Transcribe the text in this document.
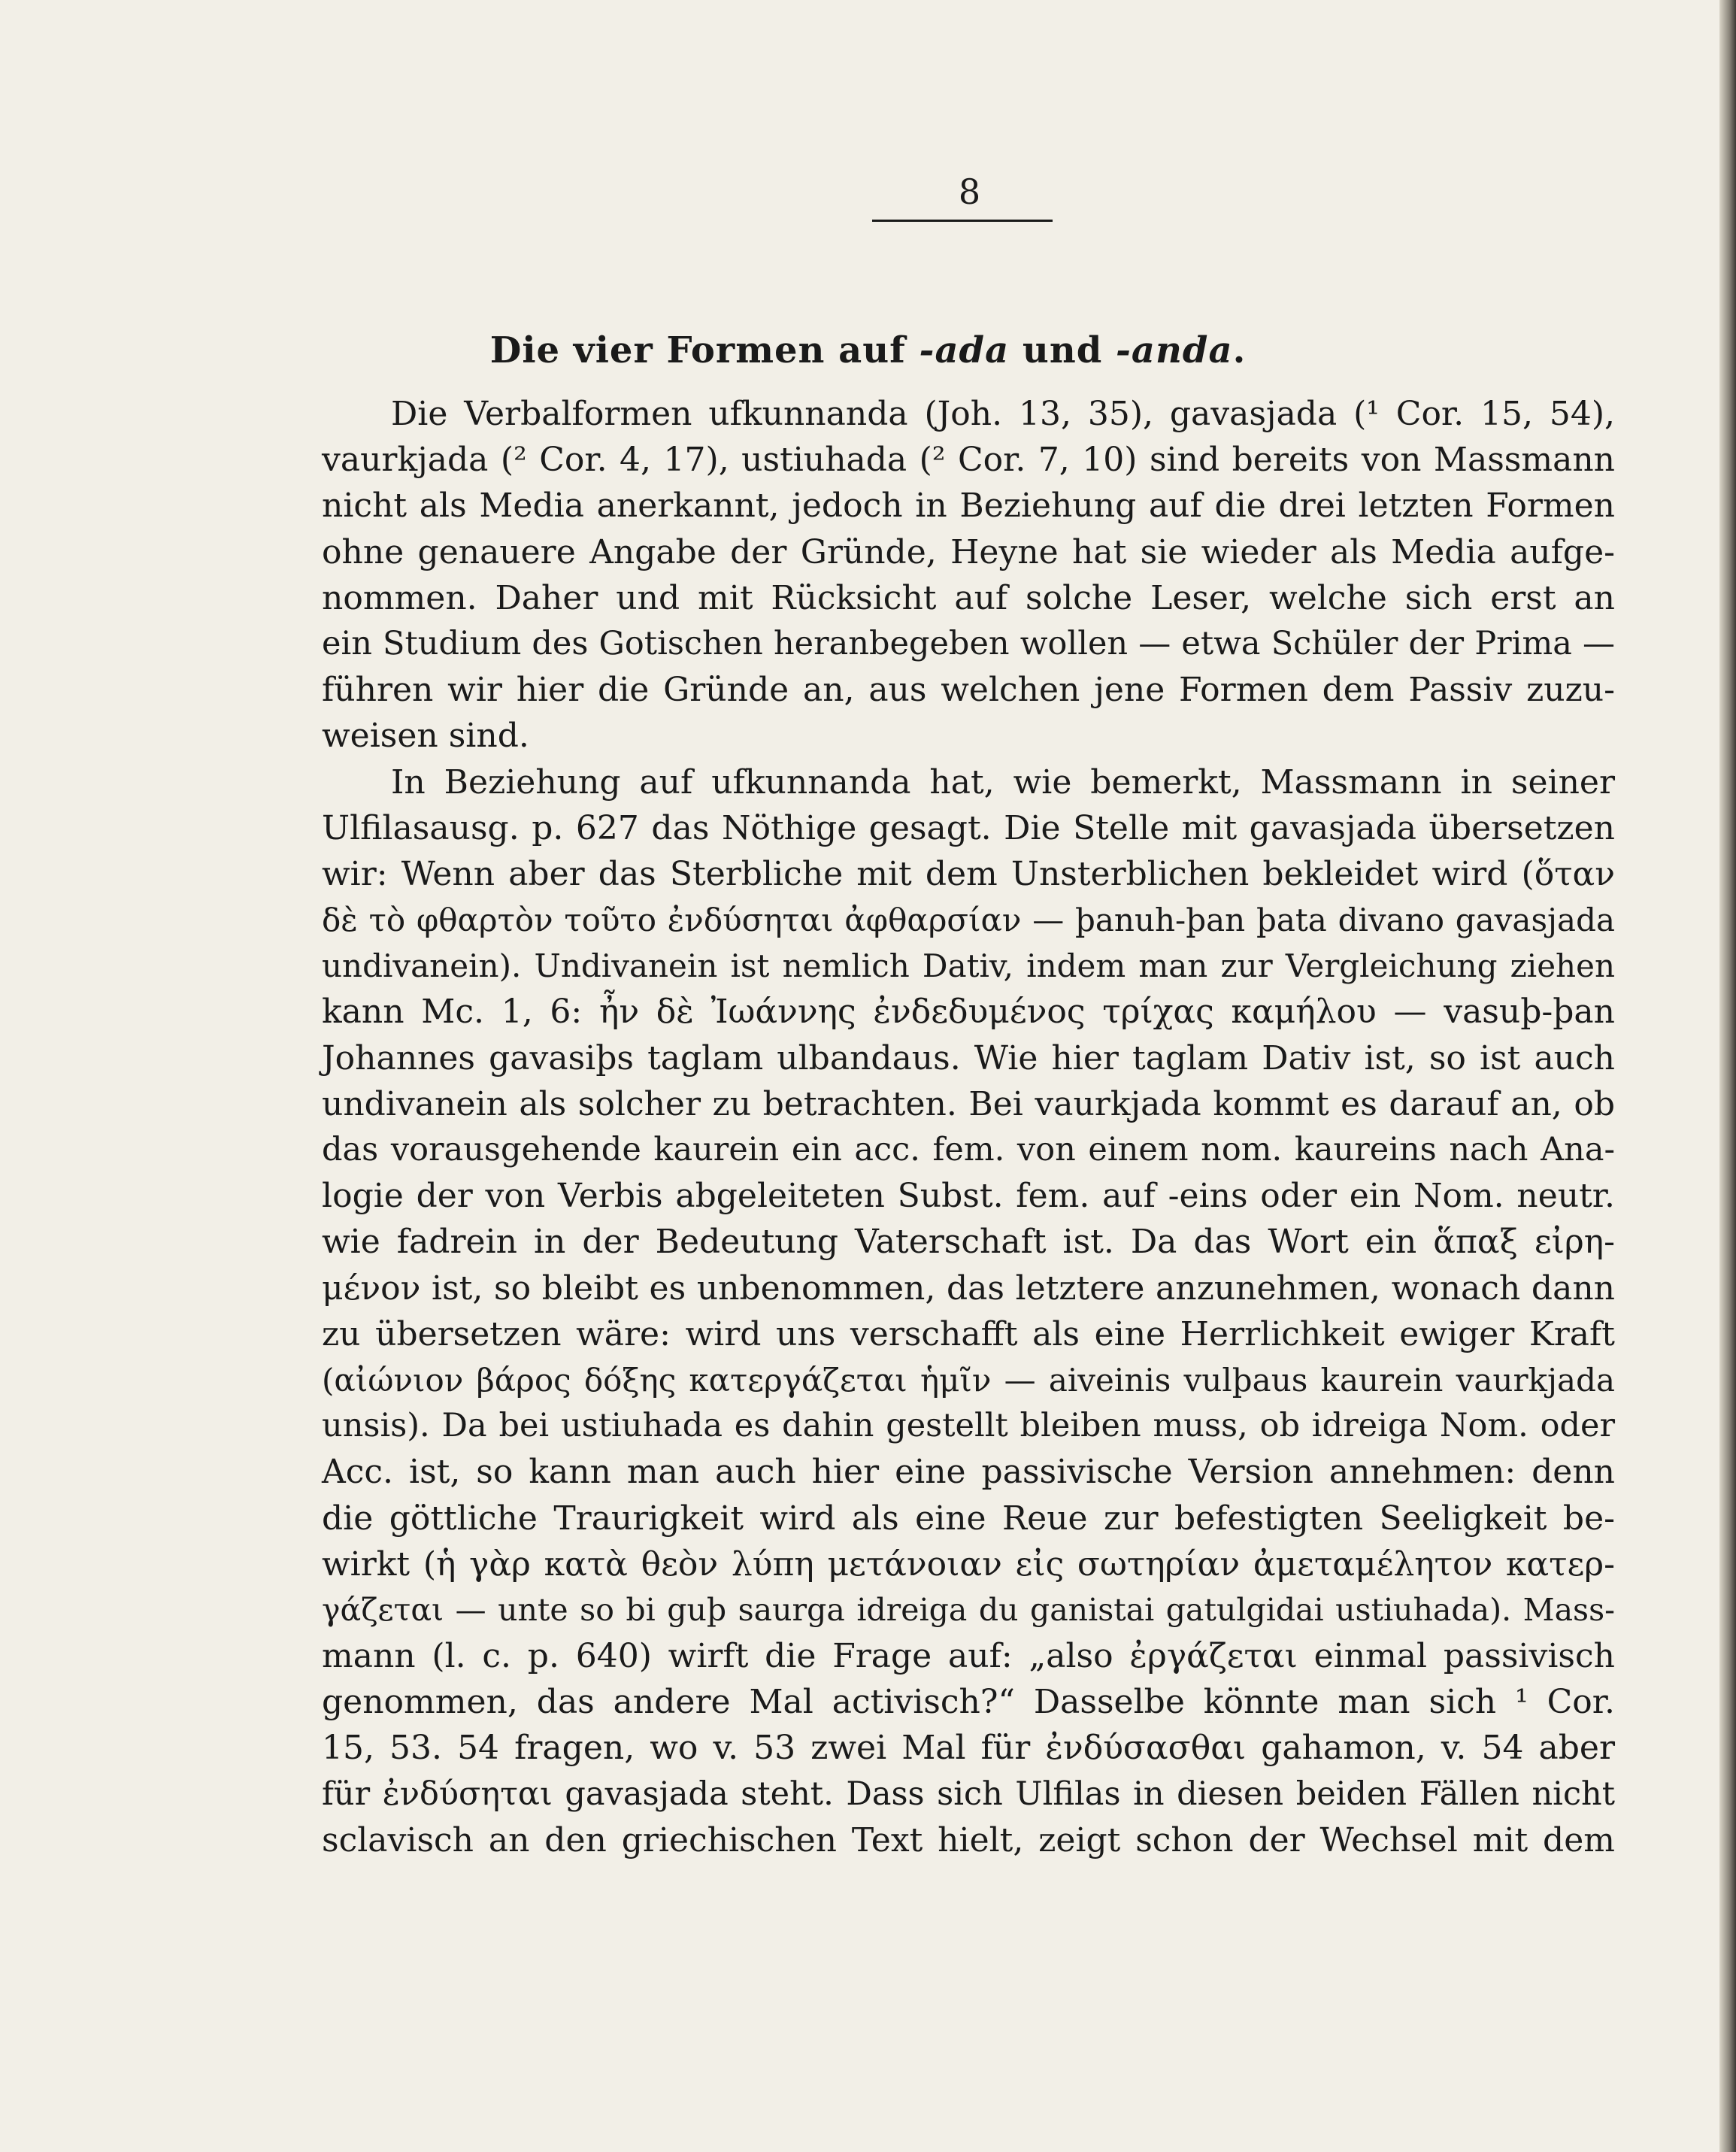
8
Die vier Formen auf -ada und -anda.
Die Verbalformen ufkunnanda (Joh. 13, 35), gavasjada (¹ Cor. 15, 54),
vaurkjada (² Cor. 4, 17), ustiuhada (² Cor. 7, 10) sind bereits von Massmann
nicht als Media anerkannt, jedoch in Beziehung auf die drei letzten Formen
ohne genauere Angabe der Gründe, Heyne hat sie wieder als Media aufge-
nommen. Daher und mit Rücksicht auf solche Leser, welche sich erst an
ein Studium des Gotischen heranbegeben wollen — etwa Schüler der Prima —
führen wir hier die Gründe an, aus welchen jene Formen dem Passiv zuzu-
weisen sind.
In Beziehung auf ufkunnanda hat, wie bemerkt, Massmann in seiner
Ulfilasausg. p. 627 das Nöthige gesagt. Die Stelle mit gavasjada übersetzen
wir: Wenn aber das Sterbliche mit dem Unsterblichen bekleidet wird (ὅταν
δὲ τὸ φθαρτὸν τοῦτο ἐνδύσηται ἀφθαρσίαν — þanuh-þan þata divano gavasjada
undivanein). Undivanein ist nemlich Dativ, indem man zur Vergleichung ziehen
kann Mc. 1, 6: ἦν δὲ Ἰωάννης ἐνδεδυμένος τρίχας καμήλου — vasuþ-þan
Johannes gavasiþs taglam ulbandaus. Wie hier taglam Dativ ist, so ist auch
undivanein als solcher zu betrachten. Bei vaurkjada kommt es darauf an, ob
das vorausgehende kaurein ein acc. fem. von einem nom. kaureins nach Ana-
logie der von Verbis abgeleiteten Subst. fem. auf -eins oder ein Nom. neutr.
wie fadrein in der Bedeutung Vaterschaft ist. Da das Wort ein ἅπαξ εἰρη-
μένον ist, so bleibt es unbenommen, das letztere anzunehmen, wonach dann
zu übersetzen wäre: wird uns verschafft als eine Herrlichkeit ewiger Kraft
(αἰώνιον βάρος δόξης κατεργάζεται ἡμῖν — aiveinis vulþaus kaurein vaurkjada
unsis). Da bei ustiuhada es dahin gestellt bleiben muss, ob idreiga Nom. oder
Acc. ist, so kann man auch hier eine passivische Version annehmen: denn
die göttliche Traurigkeit wird als eine Reue zur befestigten Seeligkeit be-
wirkt (ἡ γὰρ κατὰ θεὸν λύπη μετάνοιαν εἰς σωτηρίαν ἀμεταμέλητον κατερ-
γάζεται — unte so bi guþ saurga idreiga du ganistai gatulgidai ustiuhada). Mass-
mann (l. c. p. 640) wirft die Frage auf: „also ἐργάζεται einmal passivisch
genommen, das andere Mal activisch?“ Dasselbe könnte man sich ¹ Cor.
15, 53. 54 fragen, wo v. 53 zwei Mal für ἐνδύσασθαι gahamon, v. 54 aber
für ἐνδύσηται gavasjada steht. Dass sich Ulfilas in diesen beiden Fällen nicht
sclavisch an den griechischen Text hielt, zeigt schon der Wechsel mit dem
